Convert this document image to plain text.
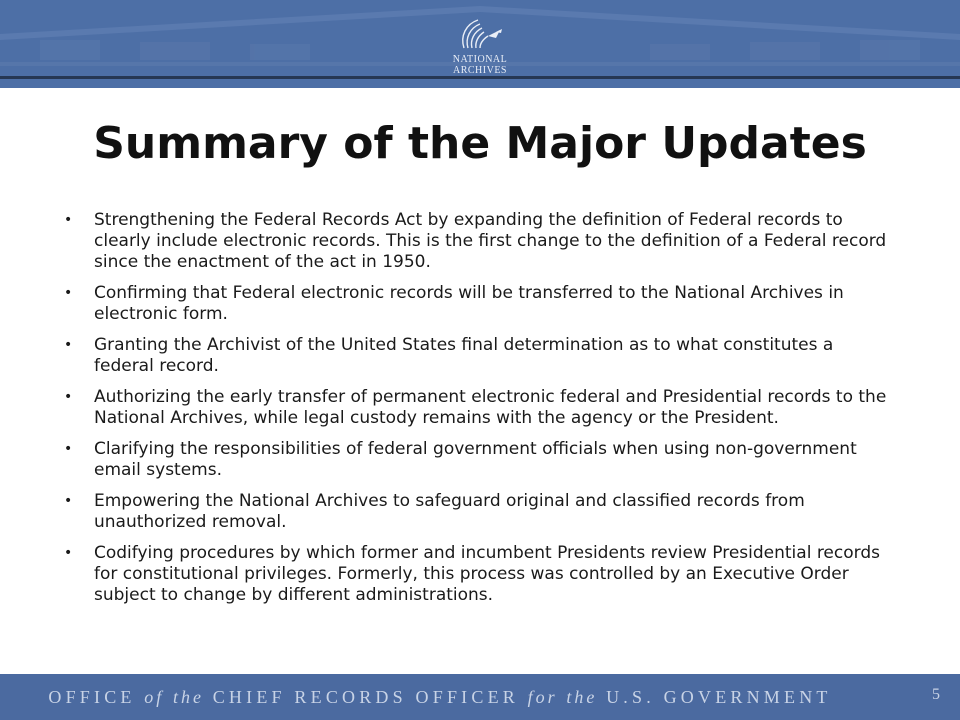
NATIONAL
ARCHIVES
Summary of the Major Updates
• Strengthening the Federal Records Act by expanding the definition of Federal records to clearly include electronic records. This is the first change to the definition of a Federal record since the enactment of the act in 1950.
• Confirming that Federal electronic records will be transferred to the National Archives in electronic form.
• Granting the Archivist of the United States final determination as to what constitutes a federal record.
• Authorizing the early transfer of permanent electronic federal and Presidential records to the National Archives, while legal custody remains with the agency or the President.
• Clarifying the responsibilities of federal government officials when using non-government email systems.
• Empowering the National Archives to safeguard original and classified records from unauthorized removal.
• Codifying procedures by which former and incumbent Presidents review Presidential records for constitutional privileges. Formerly, this process was controlled by an Executive Order subject to change by different administrations.
OFFICE of the CHIEF RECORDS OFFICER for the U.S. GOVERNMENT	5
